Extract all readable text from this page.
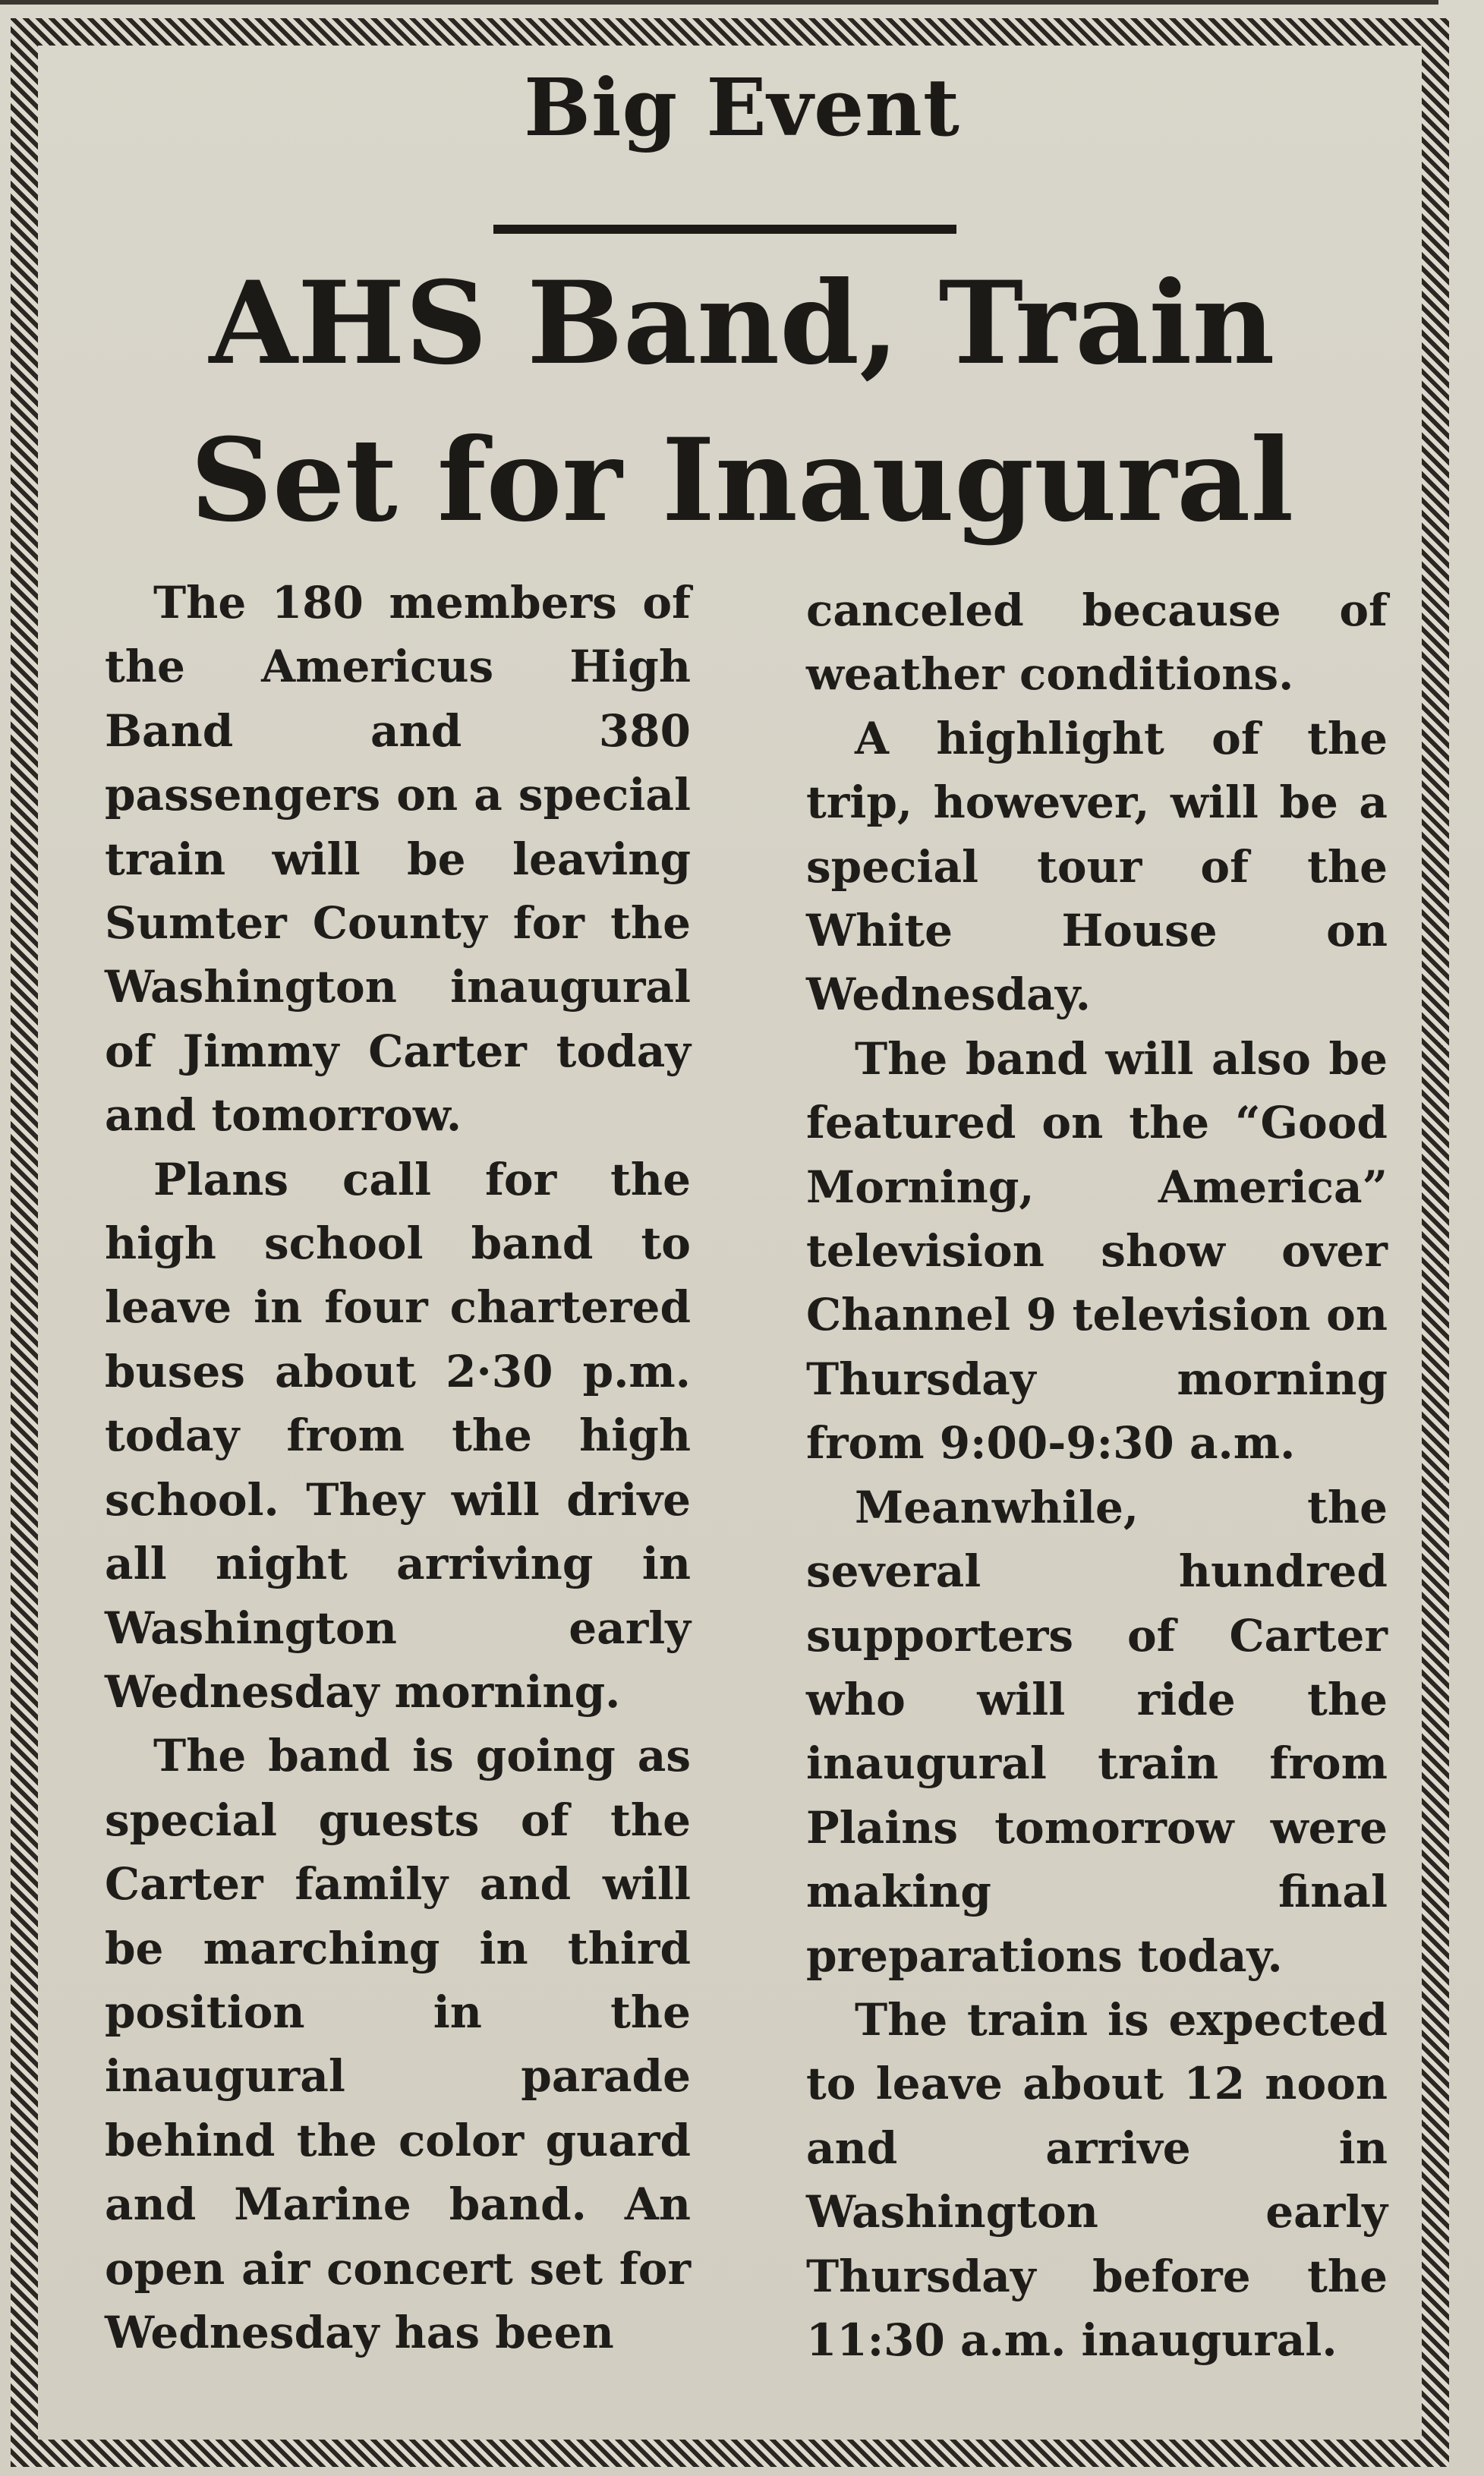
Big Event
AHS Band, Train
Set for Inaugural

The 180 members of the Americus High Band and 380 passengers on a special train will be leaving Sumter County for the Washington inaugural of Jimmy Carter today and tomorrow.

Plans call for the high school band to leave in four chartered buses about 2·30 p.m. today from the high school. They will drive all night arriving in Washington early Wednesday morning.

The band is going as special guests of the Carter family and will be marching in third position in the inaugural parade behind the color guard and Marine band. An open air concert set for Wednesday has been

canceled because of weather conditions.

A highlight of the trip, however, will be a special tour of the White House on Wednesday.

The band will also be featured on the “Good Morning, America” television show over Channel 9 television on Thursday morning from 9:00-9:30 a.m.

Meanwhile, the several hundred supporters of Carter who will ride the inaugural train from Plains tomorrow were making final preparations today.

The train is expected to leave about 12 noon and arrive in Washington early Thursday before the 11:30 a.m. inaugural.
